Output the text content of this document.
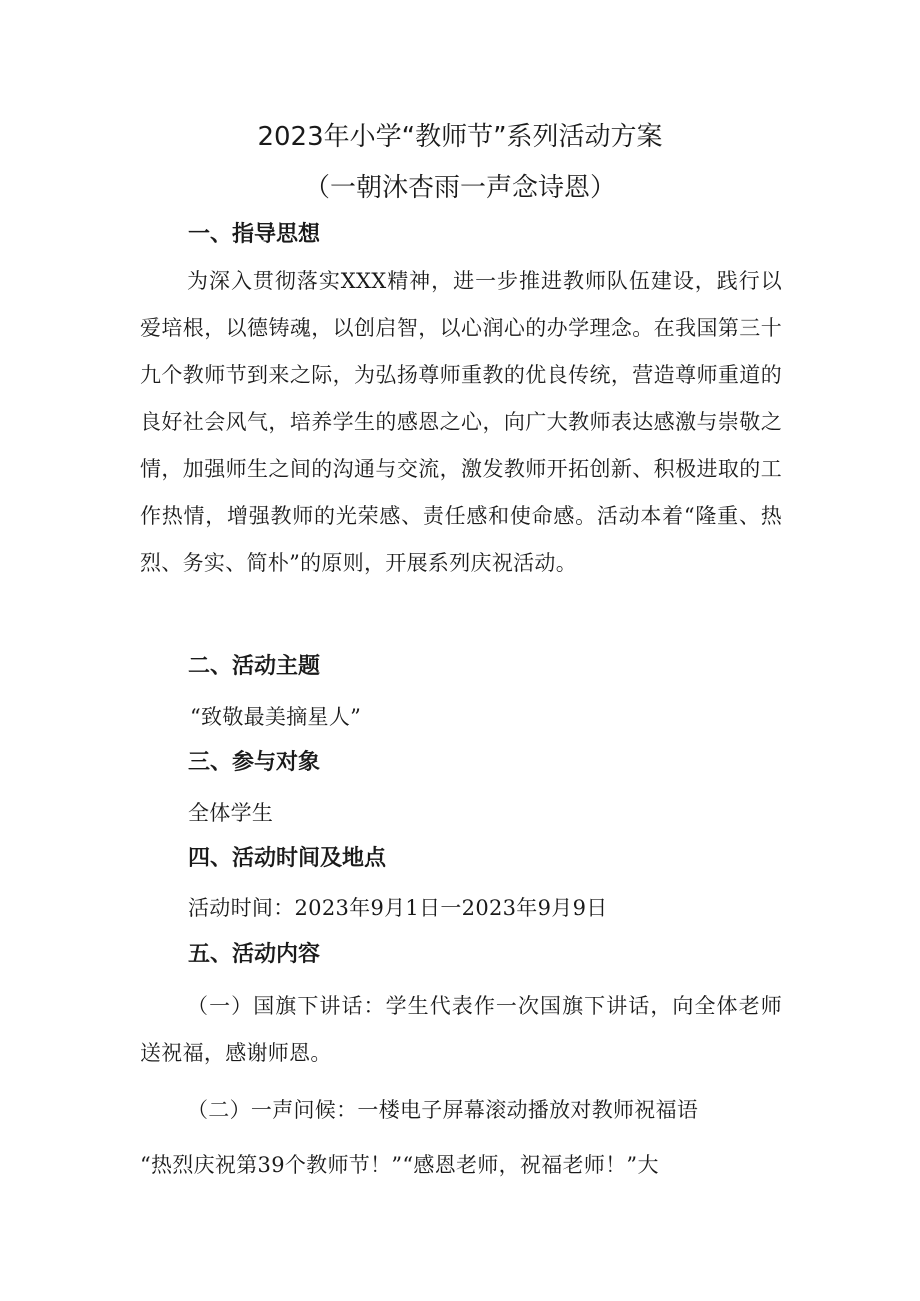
2023年小学“教师节”系列活动方案
（一朝沐杏雨一声念诗恩）
一、指导思想
为深入贯彻落实XXX精神，进一步推进教师队伍建设，践行以爱培根，以德铸魂，以创启智，以心润心的办学理念。在我国第三十九个教师节到来之际，为弘扬尊师重教的优良传统，营造尊师重道的良好社会风气，培养学生的感恩之心，向广大教师表达感激与崇敬之情，加强师生之间的沟通与交流，激发教师开拓创新、积极进取的工作热情，增强教师的光荣感、责任感和使命感。活动本着“隆重、热烈、务实、简朴”的原则，开展系列庆祝活动。
二、活动主题
“致敬最美摘星人”
三、参与对象
全体学生
四、活动时间及地点
活动时间：2023年9月1日一2023年9月9日
五、活动内容
（一）国旗下讲话：学生代表作一次国旗下讲话，向全体老师送祝福，感谢师恩。
（二）一声问候：一楼电子屏幕滚动播放对教师祝福语
“热烈庆祝第39个教师节！”“感恩老师，祝福老师！”大
